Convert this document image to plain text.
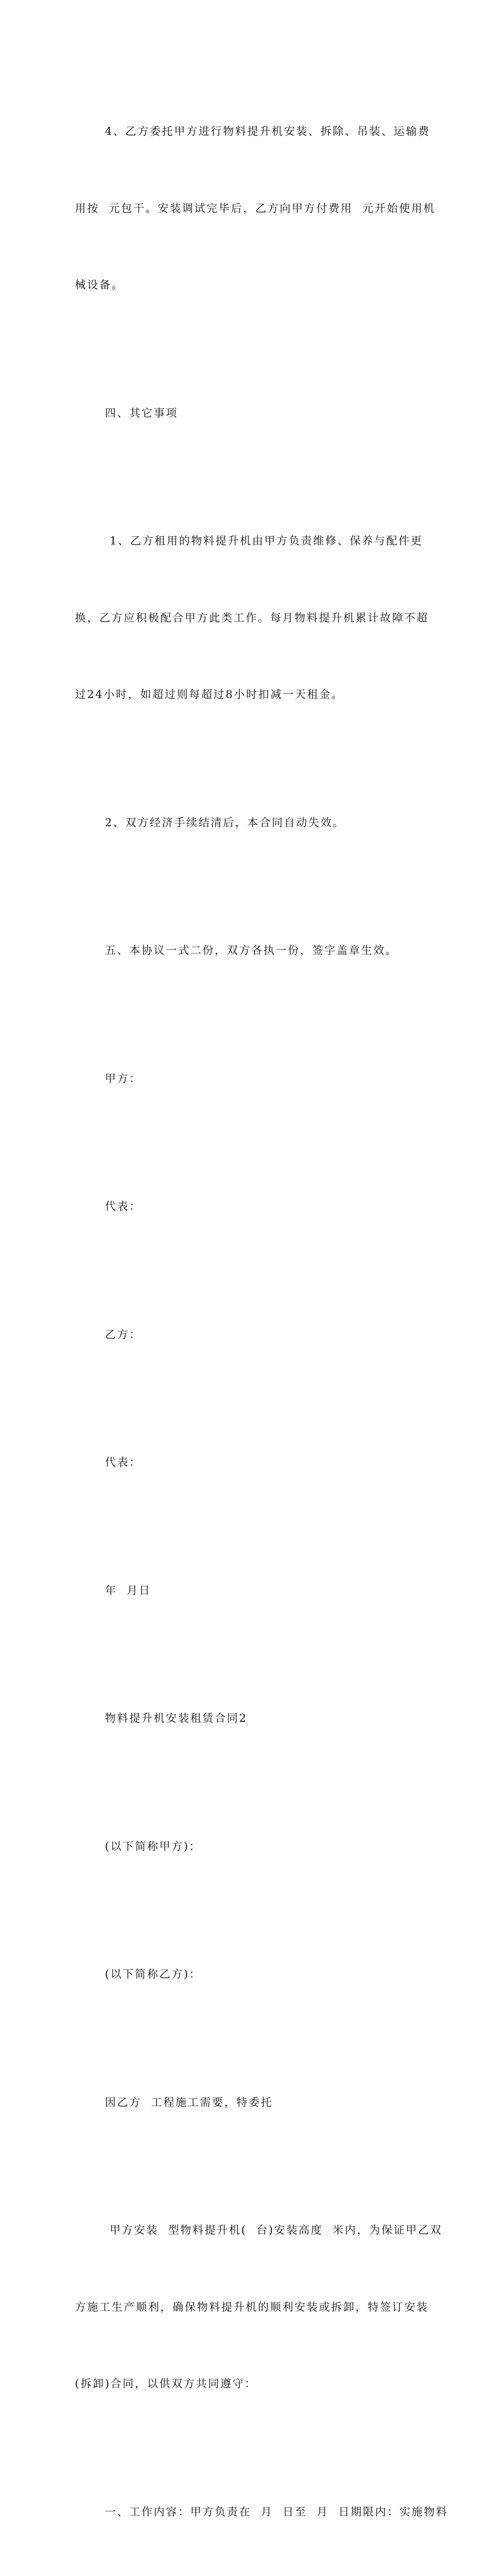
4、乙方委托甲方进行物料提升机安装、拆除、吊装、运输费

用按  元包干。安装调试完毕后，乙方向甲方付费用  元开始使用机

械设备。

四、其它事项

1、乙方租用的物料提升机由甲方负责维修、保养与配件更

换，乙方应积极配合甲方此类工作。每月物料提升机累计故障不超

过24小时，如超过则每超过8小时扣减一天租金。

2、双方经济手续结清后，本合同自动失效。

五、本协议一式二份，双方各执一份，签字盖章生效。

甲方：

代表：

乙方：

代表：

年  月日

物料提升机安装租赁合同2

(以下简称甲方)：

(以下简称乙方)：

因乙方  工程施工需要，特委托

甲方安装  型物料提升机(  台)安装高度  米内，为保证甲乙双

方施工生产顺利，确保物料提升机的顺利安装或拆卸，特签订安装

(拆卸)合同，以供双方共同遵守：

一、工作内容：甲方负责在  月  日至  月  日期限内：实施物料
